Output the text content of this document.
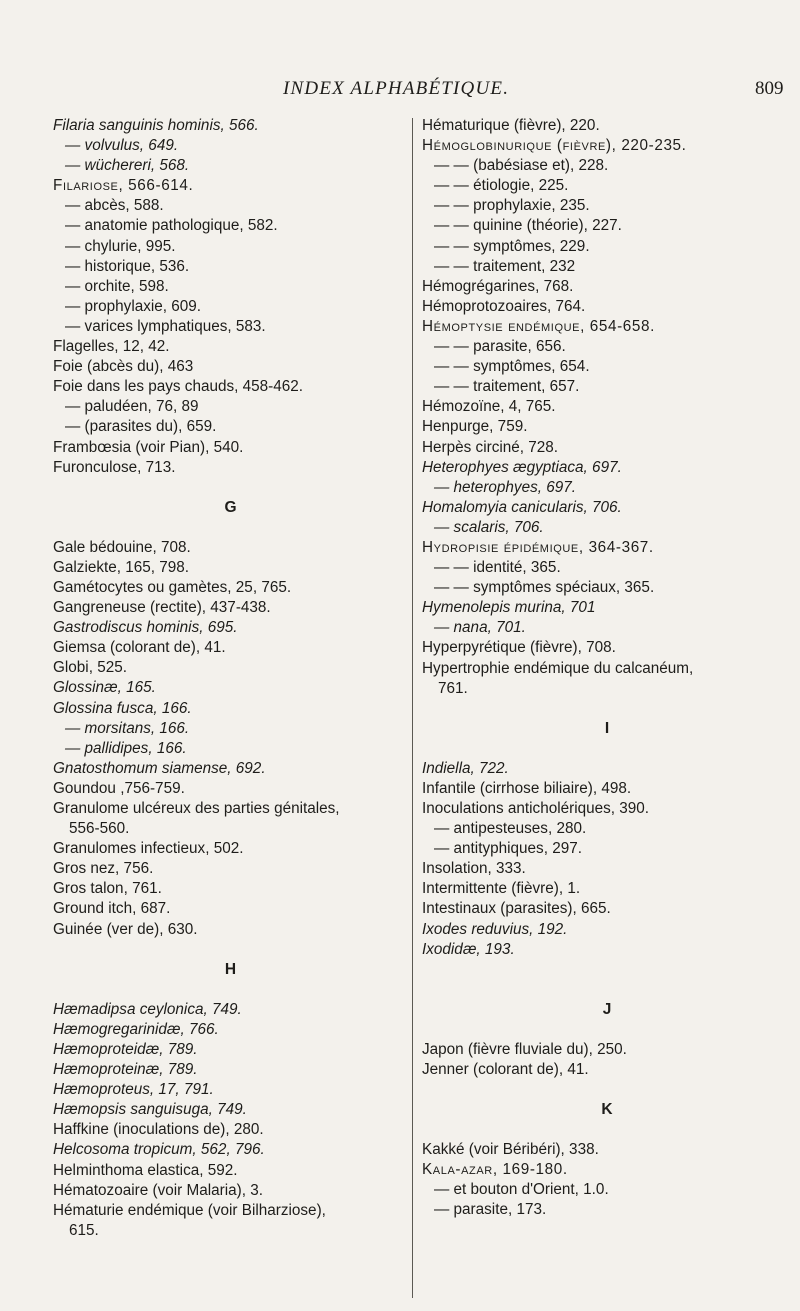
INDEX ALPHABÉTIQUE.	809
Filaria sanguinis hominis, 566.
— volvulus, 649.
— wüchereri, 568.
Filariose, 566-614.
— abcès, 588.
— anatomie pathologique, 582.
— chylurie, 995.
— historique, 536.
— orchite, 598.
— prophylaxie, 609.
— varices lymphatiques, 583.
Flagelles, 12, 42.
Foie (abcès du), 463
Foie dans les pays chauds, 458-462.
— paludéen, 76, 89
— (parasites du), 659.
Frambœsia (voir Pian), 540.
Furonculose, 713.
G
Gale bédouine, 708.
Galziekte, 165, 798.
Gamétocytes ou gamètes, 25, 765.
Gangreneuse (rectite), 437-438.
Gastrodiscus hominis, 695.
Giemsa (colorant de), 41.
Globi, 525.
Glossinæ, 165.
Glossina fusca, 166.
— morsitans, 166.
— pallidipes, 166.
Gnatosthomum siamense, 692.
Goundou ,756-759.
Granulome ulcéreux des parties génitales,
556-560.
Granulomes infectieux, 502.
Gros nez, 756.
Gros talon, 761.
Ground itch, 687.
Guinée (ver de), 630.
H
Hæmadipsa ceylonica, 749.
Hæmogregarinidæ, 766.
Hæmoproteidæ, 789.
Hæmoproteinæ, 789.
Hæmoproteus, 17, 791.
Hæmopsis sanguisuga, 749.
Haffkine (inoculations de), 280.
Helcosoma tropicum, 562, 796.
Helminthoma elastica, 592.
Hématozoaire (voir Malaria), 3.
Hématurie endémique (voir Bilharziose),
615.
Hématurique (fièvre), 220.
Hémoglobinurique (fièvre), 220-235.
— — (babésiase et), 228.
— — étiologie, 225.
— — prophylaxie, 235.
— — quinine (théorie), 227.
— — symptômes, 229.
— — traitement, 232
Hémogrégarines, 768.
Hémoprotozoaires, 764.
Hémoptysie endémique, 654-658.
— — parasite, 656.
— — symptômes, 654.
— — traitement, 657.
Hémozoïne, 4, 765.
Henpurge, 759.
Herpès circiné, 728.
Heterophyes ægyptiaca, 697.
— heterophyes, 697.
Homalomyia canicularis, 706.
— scalaris, 706.
Hydropisie épidémique, 364-367.
— — identité, 365.
— — symptômes spéciaux, 365.
Hymenolepis murina, 701
— nana, 701.
Hyperpyrétique (fièvre), 708.
Hypertrophie endémique du calcanéum,
761.
I
Indiella, 722.
Infantile (cirrhose biliaire), 498.
Inoculations anticholériques, 390.
— antipesteuses, 280.
— antityphiques, 297.
Insolation, 333.
Intermittente (fièvre), 1.
Intestinaux (parasites), 665.
Ixodes reduvius, 192.
Ixodidæ, 193.
J
Japon (fièvre fluviale du), 250.
Jenner (colorant de), 41.
K
Kakké (voir Béribéri), 338.
Kala-azar, 169-180.
— et bouton d'Orient, 1.0.
— parasite, 173.
